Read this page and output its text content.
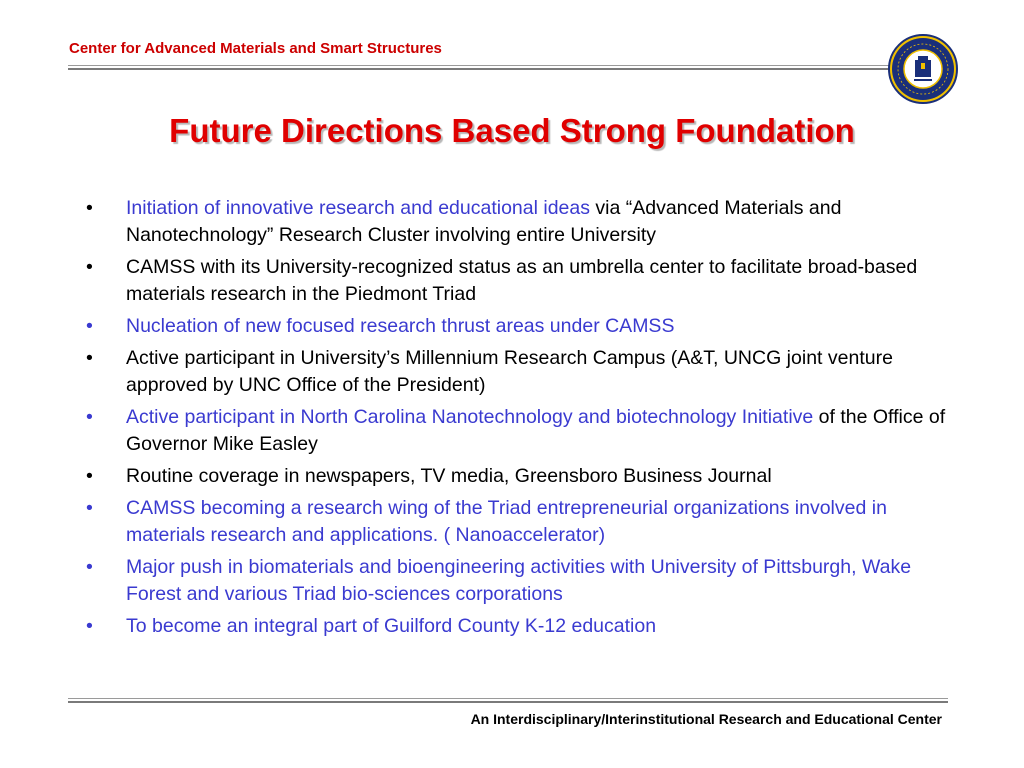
Center for Advanced Materials and Smart Structures
Future Directions Based Strong Foundation
• Initiation of innovative research and educational ideas via “Advanced Materials and Nanotechnology” Research Cluster involving entire University
• CAMSS with its University-recognized status as an umbrella center to facilitate broad-based materials research in the Piedmont Triad
• Nucleation of new focused research thrust areas under CAMSS
• Active participant in University’s Millennium Research Campus (A&T, UNCG joint venture approved by UNC Office of the President)
• Active participant in North Carolina Nanotechnology and biotechnology Initiative of the Office of Governor Mike Easley
• Routine coverage in newspapers, TV media, Greensboro Business Journal
• CAMSS becoming a research wing of the Triad entrepreneurial organizations involved in materials research and applications. ( Nanoaccelerator)
• Major push in biomaterials and bioengineering activities with University of Pittsburgh, Wake Forest and various Triad bio-sciences corporations
• To become an integral part of Guilford County K-12 education
An Interdisciplinary/Interinstitutional Research and Educational Center
